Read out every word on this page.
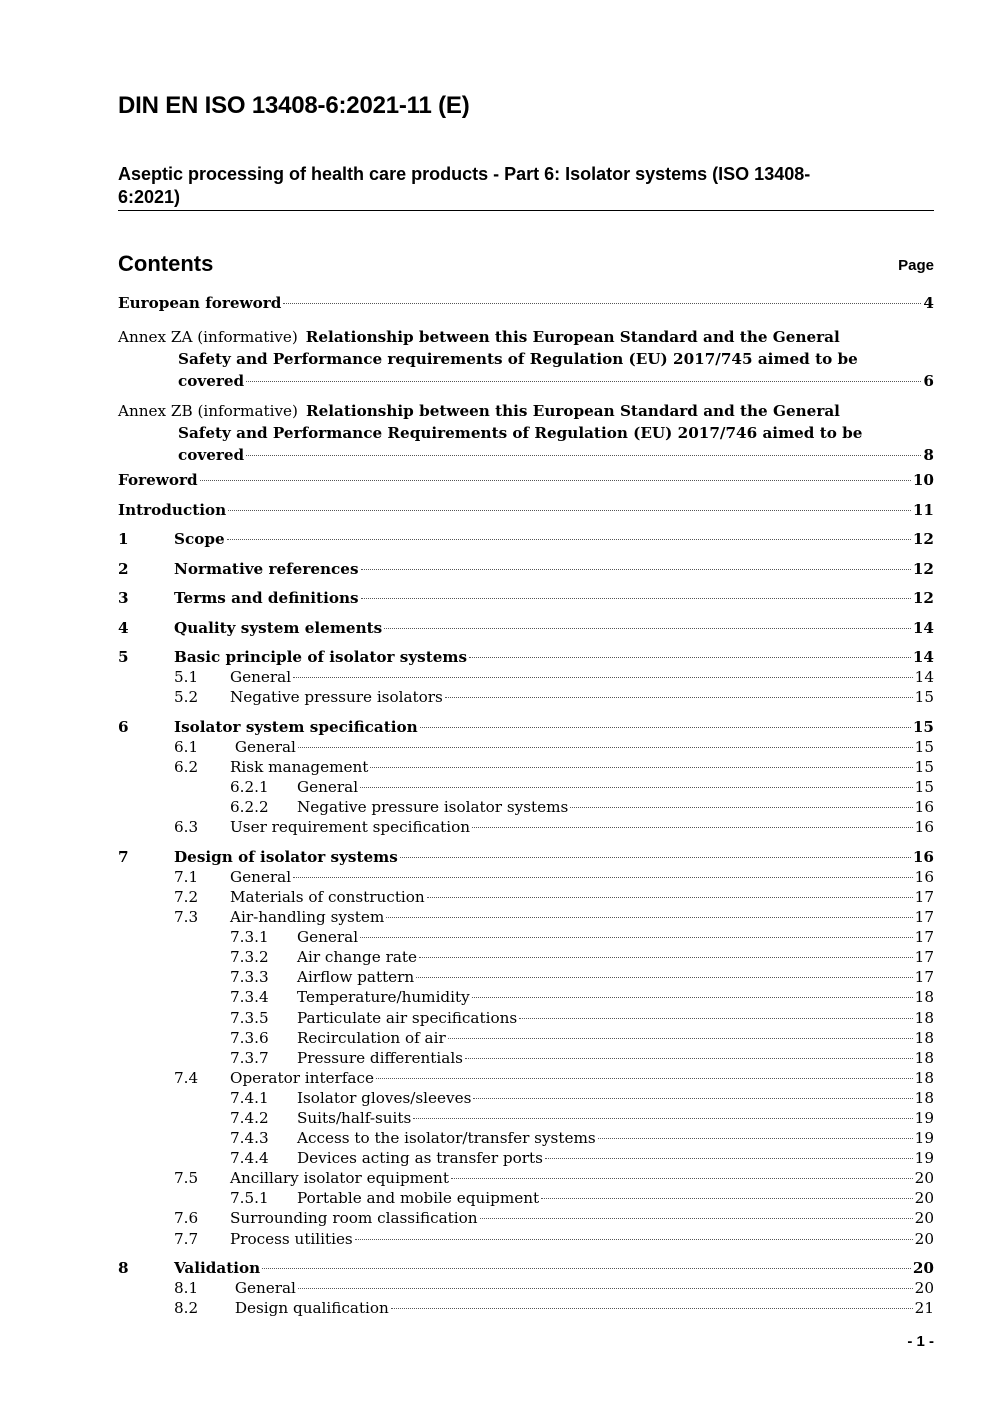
DIN EN ISO 13408-6:2021-11 (E)
Aseptic processing of health care products - Part 6: Isolator systems (ISO 13408-
6:2021)
Contents	Page
European foreword	4
Annex ZA (informative) Relationship between this European Standard and the General
Safety and Performance requirements of Regulation (EU) 2017/745 aimed to be
covered	6
Annex ZB (informative) Relationship between this European Standard and the General
Safety and Performance Requirements of Regulation (EU) 2017/746 aimed to be
covered	8
Foreword	10
Introduction	11
1	Scope	12
2	Normative references	12
3	Terms and definitions	12
4	Quality system elements	14
5	Basic principle of isolator systems	14
5.1	General	14
5.2	Negative pressure isolators	15
6	Isolator system specification	15
6.1	General	15
6.2	Risk management	15
6.2.1	General	15
6.2.2	Negative pressure isolator systems	16
6.3	User requirement specification	16
7	Design of isolator systems	16
7.1	General	16
7.2	Materials of construction	17
7.3	Air-handling system	17
7.3.1	General	17
7.3.2	Air change rate	17
7.3.3	Airflow pattern	17
7.3.4	Temperature/humidity	18
7.3.5	Particulate air specifications	18
7.3.6	Recirculation of air	18
7.3.7	Pressure differentials	18
7.4	Operator interface	18
7.4.1	Isolator gloves/sleeves	18
7.4.2	Suits/half-suits	19
7.4.3	Access to the isolator/transfer systems	19
7.4.4	Devices acting as transfer ports	19
7.5	Ancillary isolator equipment	20
7.5.1	Portable and mobile equipment	20
7.6	Surrounding room classification	20
7.7	Process utilities	20
8	Validation	20
8.1	General	20
8.2	Design qualification	21
- 1 -
